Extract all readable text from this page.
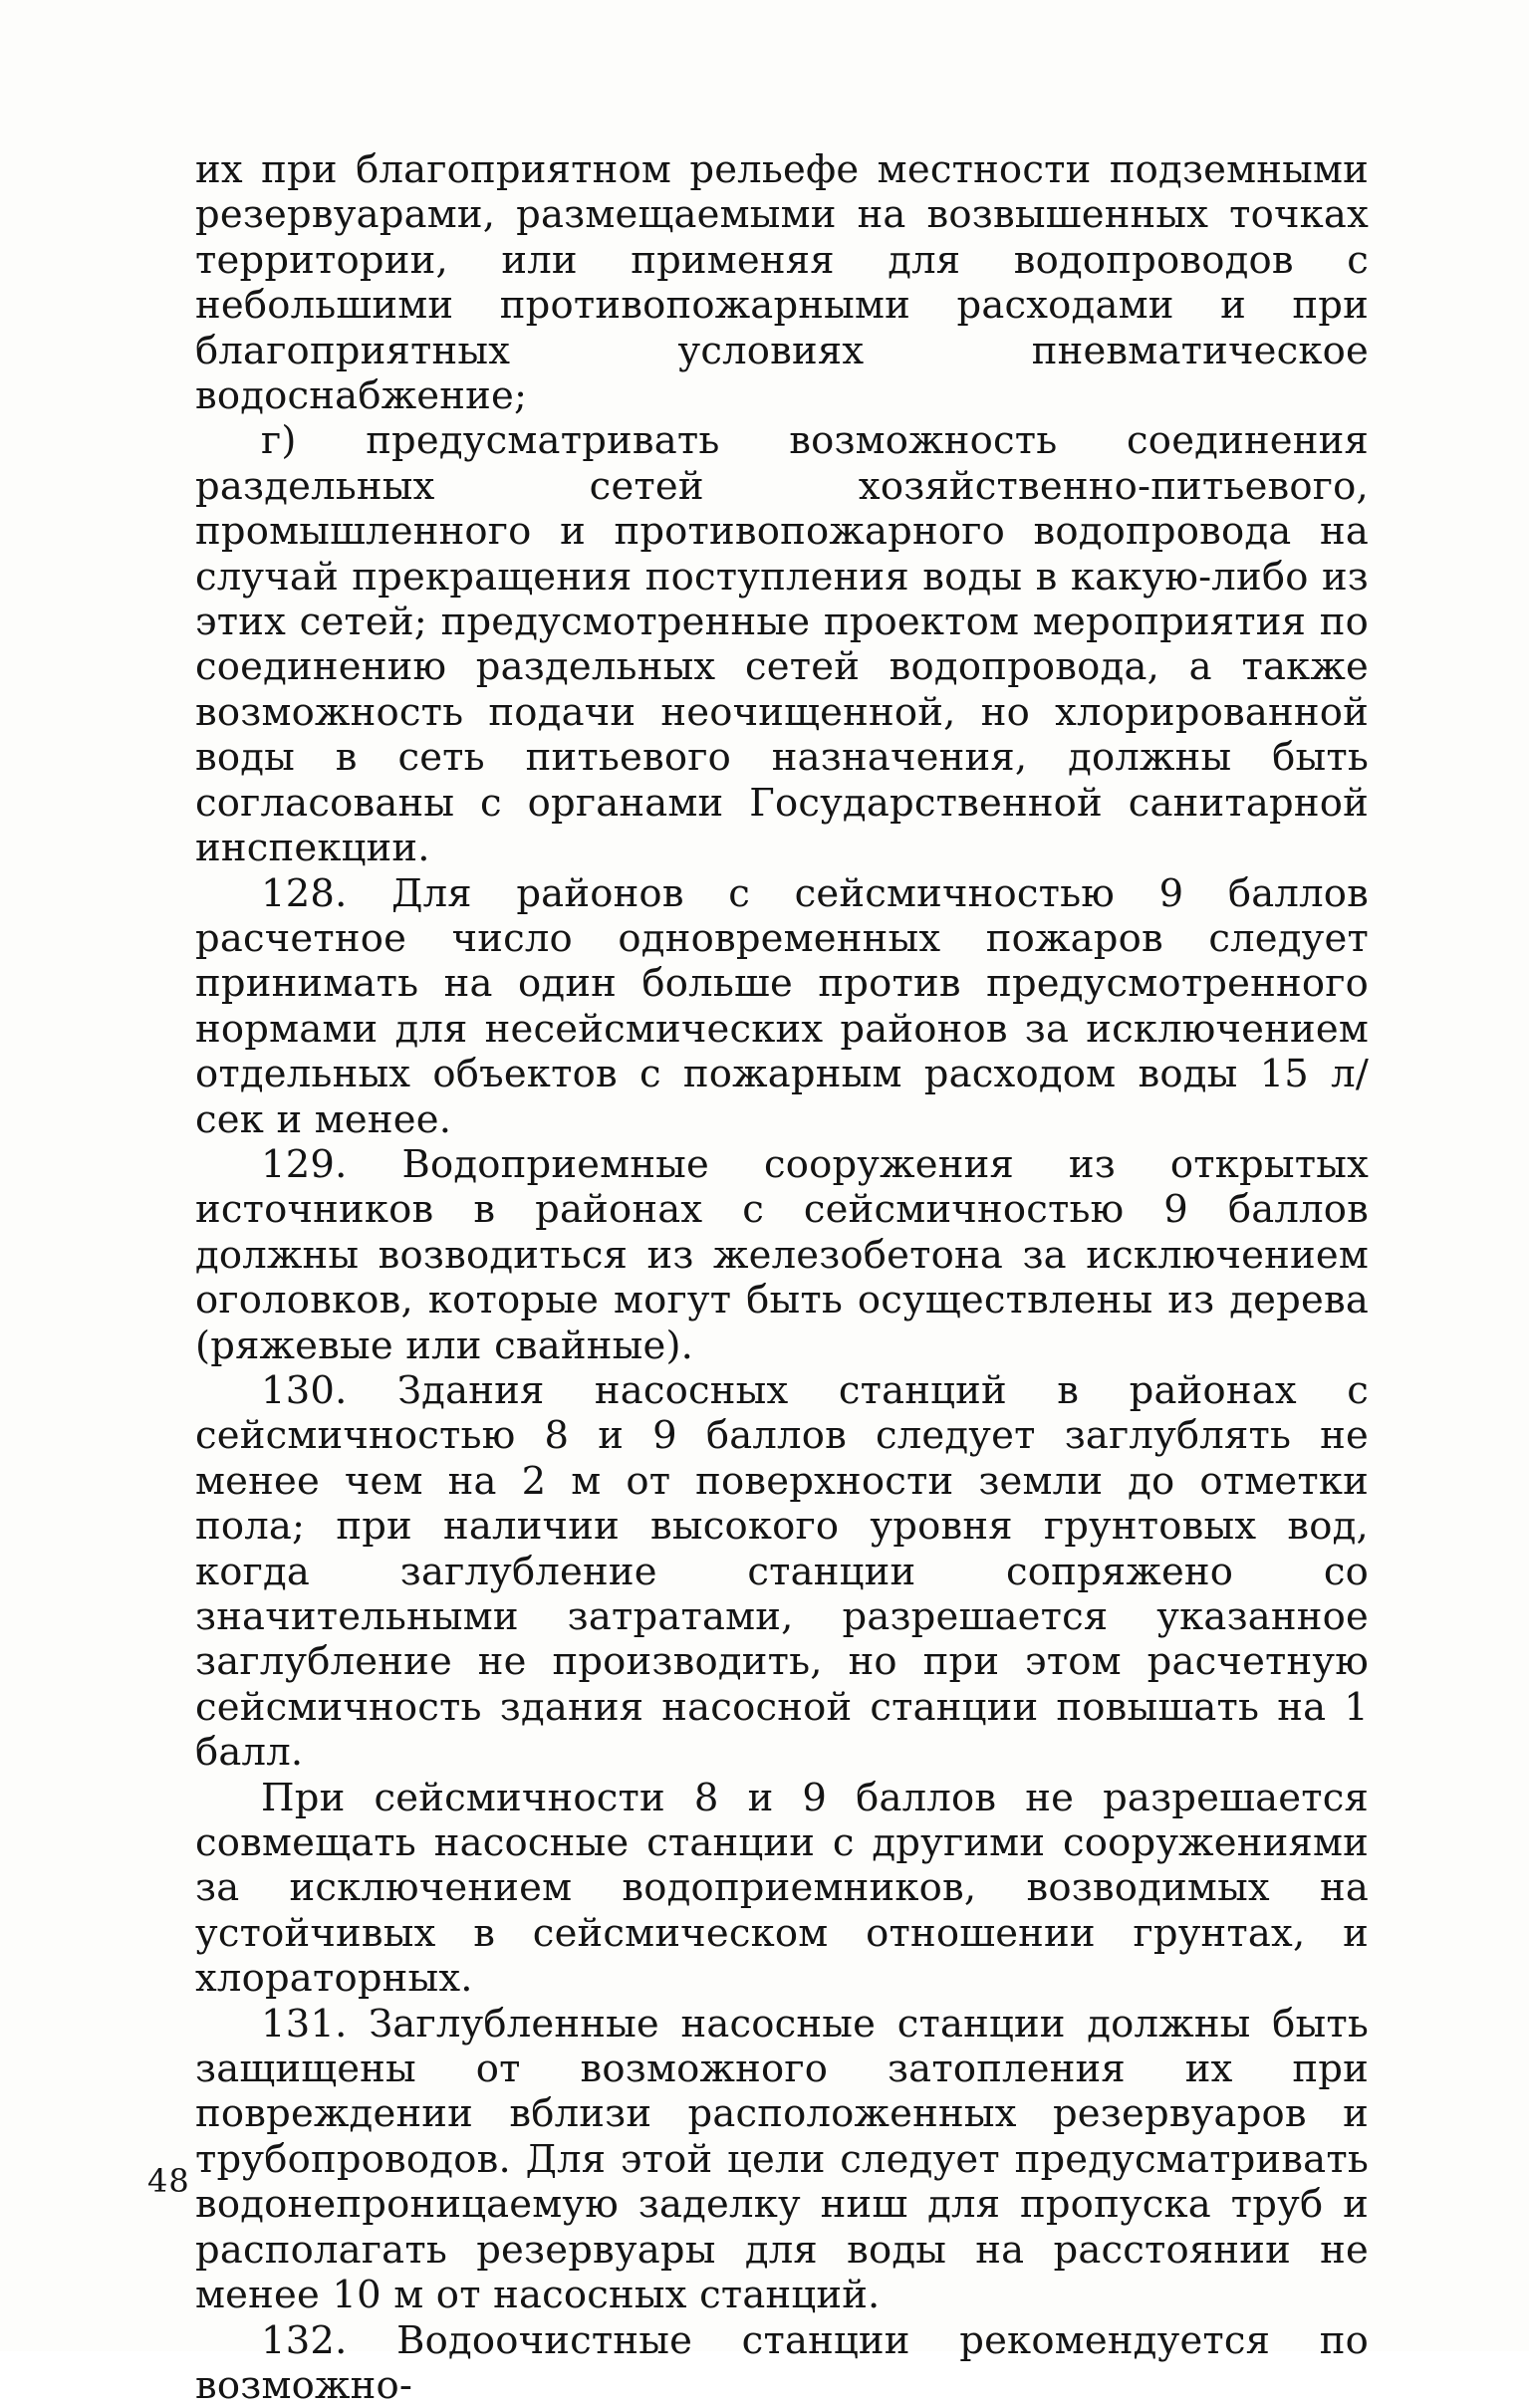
их при благоприятном рельефе местности подземными резервуарами, размещаемыми на возвышенных точках территории, или применяя для водопроводов с небольшими противопожарными расходами и при благоприятных условиях пневматическое водоснабжение;

г) предусматривать возможность соединения раздельных сетей хозяйственно-питьевого, промышленного и противопожарного водопровода на случай прекращения поступления воды в какую-либо из этих сетей; предусмотренные проектом мероприятия по соединению раздельных сетей водопровода, а также возможность подачи неочищенной, но хлорированной воды в сеть питьевого назначения, должны быть согласованы с органами Государственной санитарной инспекции.

128. Для районов с сейсмичностью 9 баллов расчетное число одновременных пожаров следует принимать на один больше против предусмотренного нормами для несейсмических районов за исключением отдельных объектов с пожарным расходом воды 15 л/сек и менее.

129. Водоприемные сооружения из открытых источников в районах с сейсмичностью 9 баллов должны возводиться из железобетона за исключением оголовков, которые могут быть осуществлены из дерева (ряжевые или свайные).

130. Здания насосных станций в районах с сейсмичностью 8 и 9 баллов следует заглублять не менее чем на 2 м от поверхности земли до отметки пола; при наличии высокого уровня грунтовых вод, когда заглубление станции сопряжено со значительными затратами, разрешается указанное заглубление не производить, но при этом расчетную сейсмичность здания насосной станции повышать на 1 балл.

При сейсмичности 8 и 9 баллов не разрешается совмещать насосные станции с другими сооружениями за исключением водоприемников, возводимых на устойчивых в сейсмическом отношении грунтах, и хлораторных.

131. Заглубленные насосные станции должны быть защищены от возможного затопления их при повреждении вблизи расположенных резервуаров и трубопроводов. Для этой цели следует предусматривать водонепроницаемую заделку ниш для пропуска труб и располагать резервуары для воды на расстоянии не менее 10 м от насосных станций.

132. Водоочистные станции рекомендуется по возможно-

48
